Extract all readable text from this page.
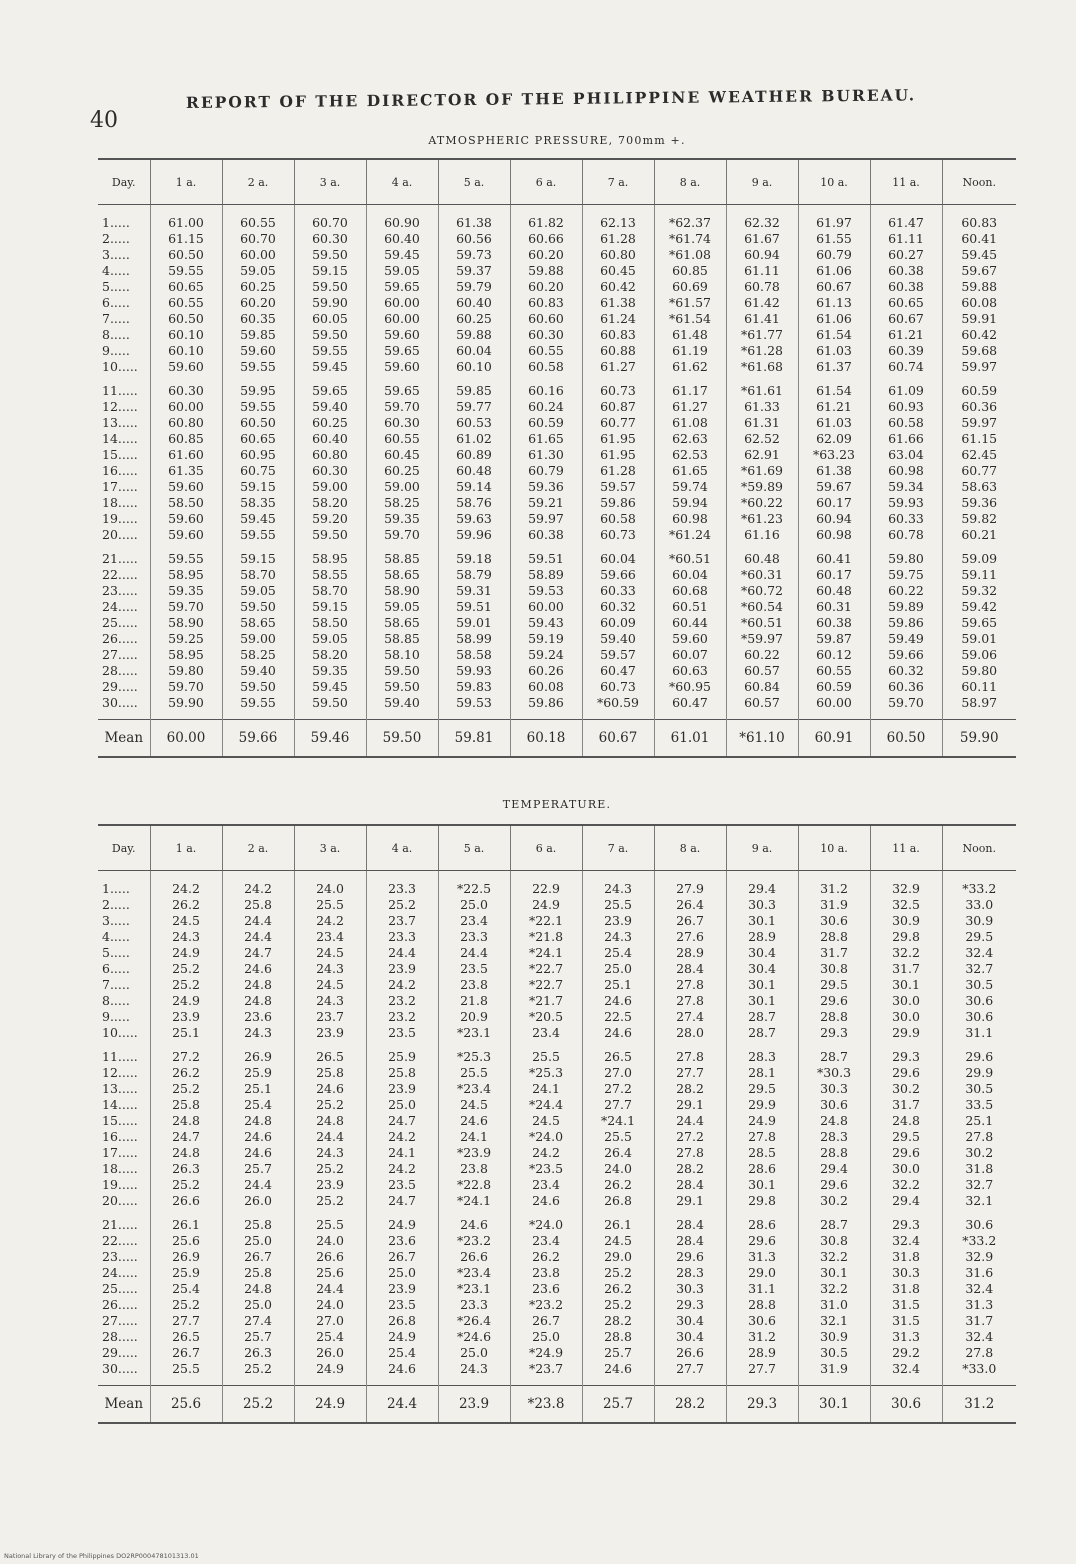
40
REPORT OF THE DIRECTOR OF THE PHILIPPINE WEATHER BUREAU.
ATMOSPHERIC PRESSURE, 700mm +.
Day.	1 a.	2 a.	3 a.	4 a.	5 a.	6 a.	7 a.	8 a.	9 a.	10 a.	11 a.	Noon.

1.....	61.00	60.55	60.70	60.90	61.38	61.82	62.13	*62.37	62.32	61.97	61.47	60.83
2.....	61.15	60.70	60.30	60.40	60.56	60.66	61.28	*61.74	61.67	61.55	61.11	60.41
3.....	60.50	60.00	59.50	59.45	59.73	60.20	60.80	*61.08	60.94	60.79	60.27	59.45
4.....	59.55	59.05	59.15	59.05	59.37	59.88	60.45	60.85	61.11	61.06	60.38	59.67
5.....	60.65	60.25	59.50	59.65	59.79	60.20	60.42	60.69	60.78	60.67	60.38	59.88
6.....	60.55	60.20	59.90	60.00	60.40	60.83	61.38	*61.57	61.42	61.13	60.65	60.08
7.....	60.50	60.35	60.05	60.00	60.25	60.60	61.24	*61.54	61.41	61.06	60.67	59.91
8.....	60.10	59.85	59.50	59.60	59.88	60.30	60.83	61.48	*61.77	61.54	61.21	60.42
9.....	60.10	59.60	59.55	59.65	60.04	60.55	60.88	61.19	*61.28	61.03	60.39	59.68
10.....	59.60	59.55	59.45	59.60	60.10	60.58	61.27	61.62	*61.68	61.37	60.74	59.97

11.....	60.30	59.95	59.65	59.65	59.85	60.16	60.73	61.17	*61.61	61.54	61.09	60.59
12.....	60.00	59.55	59.40	59.70	59.77	60.24	60.87	61.27	61.33	61.21	60.93	60.36
13.....	60.80	60.50	60.25	60.30	60.53	60.59	60.77	61.08	61.31	61.03	60.58	59.97
14.....	60.85	60.65	60.40	60.55	61.02	61.65	61.95	62.63	62.52	62.09	61.66	61.15
15.....	61.60	60.95	60.80	60.45	60.89	61.30	61.95	62.53	62.91	*63.23	63.04	62.45
16.....	61.35	60.75	60.30	60.25	60.48	60.79	61.28	61.65	*61.69	61.38	60.98	60.77
17.....	59.60	59.15	59.00	59.00	59.14	59.36	59.57	59.74	*59.89	59.67	59.34	58.63
18.....	58.50	58.35	58.20	58.25	58.76	59.21	59.86	59.94	*60.22	60.17	59.93	59.36
19.....	59.60	59.45	59.20	59.35	59.63	59.97	60.58	60.98	*61.23	60.94	60.33	59.82
20.....	59.60	59.55	59.50	59.70	59.96	60.38	60.73	*61.24	61.16	60.98	60.78	60.21

21.....	59.55	59.15	58.95	58.85	59.18	59.51	60.04	*60.51	60.48	60.41	59.80	59.09
22.....	58.95	58.70	58.55	58.65	58.79	58.89	59.66	60.04	*60.31	60.17	59.75	59.11
23.....	59.35	59.05	58.70	58.90	59.31	59.53	60.33	60.68	*60.72	60.48	60.22	59.32
24.....	59.70	59.50	59.15	59.05	59.51	60.00	60.32	60.51	*60.54	60.31	59.89	59.42
25.....	58.90	58.65	58.50	58.65	59.01	59.43	60.09	60.44	*60.51	60.38	59.86	59.65
26.....	59.25	59.00	59.05	58.85	58.99	59.19	59.40	59.60	*59.97	59.87	59.49	59.01
27.....	58.95	58.25	58.20	58.10	58.58	59.24	59.57	60.07	60.22	60.12	59.66	59.06
28.....	59.80	59.40	59.35	59.50	59.93	60.26	60.47	60.63	60.57	60.55	60.32	59.80
29.....	59.70	59.50	59.45	59.50	59.83	60.08	60.73	*60.95	60.84	60.59	60.36	60.11
30.....	59.90	59.55	59.50	59.40	59.53	59.86	*60.59	60.47	60.57	60.00	59.70	58.97

Mean	60.00	59.66	59.46	59.50	59.81	60.18	60.67	61.01	*61.10	60.91	60.50	59.90
TEMPERATURE.
Day.	1 a.	2 a.	3 a.	4 a.	5 a.	6 a.	7 a.	8 a.	9 a.	10 a.	11 a.	Noon.

1.....	24.2	24.2	24.0	23.3	*22.5	22.9	24.3	27.9	29.4	31.2	32.9	*33.2
2.....	26.2	25.8	25.5	25.2	25.0	24.9	25.5	26.4	30.3	31.9	32.5	33.0
3.....	24.5	24.4	24.2	23.7	23.4	*22.1	23.9	26.7	30.1	30.6	30.9	30.9
4.....	24.3	24.4	23.4	23.3	23.3	*21.8	24.3	27.6	28.9	28.8	29.8	29.5
5.....	24.9	24.7	24.5	24.4	24.4	*24.1	25.4	28.9	30.4	31.7	32.2	32.4
6.....	25.2	24.6	24.3	23.9	23.5	*22.7	25.0	28.4	30.4	30.8	31.7	32.7
7.....	25.2	24.8	24.5	24.2	23.8	*22.7	25.1	27.8	30.1	29.5	30.1	30.5
8.....	24.9	24.8	24.3	23.2	21.8	*21.7	24.6	27.8	30.1	29.6	30.0	30.6
9.....	23.9	23.6	23.7	23.2	20.9	*20.5	22.5	27.4	28.7	28.8	30.0	30.6
10.....	25.1	24.3	23.9	23.5	*23.1	23.4	24.6	28.0	28.7	29.3	29.9	31.1

11.....	27.2	26.9	26.5	25.9	*25.3	25.5	26.5	27.8	28.3	28.7	29.3	29.6
12.....	26.2	25.9	25.8	25.8	25.5	*25.3	27.0	27.7	28.1	*30.3	29.6	29.9
13.....	25.2	25.1	24.6	23.9	*23.4	24.1	27.2	28.2	29.5	30.3	30.2	30.5
14.....	25.8	25.4	25.2	25.0	24.5	*24.4	27.7	29.1	29.9	30.6	31.7	33.5
15.....	24.8	24.8	24.8	24.7	24.6	24.5	*24.1	24.4	24.9	24.8	24.8	25.1
16.....	24.7	24.6	24.4	24.2	24.1	*24.0	25.5	27.2	27.8	28.3	29.5	27.8
17.....	24.8	24.6	24.3	24.1	*23.9	24.2	26.4	27.8	28.5	28.8	29.6	30.2
18.....	26.3	25.7	25.2	24.2	23.8	*23.5	24.0	28.2	28.6	29.4	30.0	31.8
19.....	25.2	24.4	23.9	23.5	*22.8	23.4	26.2	28.4	30.1	29.6	32.2	32.7
20.....	26.6	26.0	25.2	24.7	*24.1	24.6	26.8	29.1	29.8	30.2	29.4	32.1

21.....	26.1	25.8	25.5	24.9	24.6	*24.0	26.1	28.4	28.6	28.7	29.3	30.6
22.....	25.6	25.0	24.0	23.6	*23.2	23.4	24.5	28.4	29.6	30.8	32.4	*33.2
23.....	26.9	26.7	26.6	26.7	26.6	26.2	29.0	29.6	31.3	32.2	31.8	32.9
24.....	25.9	25.8	25.6	25.0	*23.4	23.8	25.2	28.3	29.0	30.1	30.3	31.6
25.....	25.4	24.8	24.4	23.9	*23.1	23.6	26.2	30.3	31.1	32.2	31.8	32.4
26.....	25.2	25.0	24.0	23.5	23.3	*23.2	25.2	29.3	28.8	31.0	31.5	31.3
27.....	27.7	27.4	27.0	26.8	*26.4	26.7	28.2	30.4	30.6	32.1	31.5	31.7
28.....	26.5	25.7	25.4	24.9	*24.6	25.0	28.8	30.4	31.2	30.9	31.3	32.4
29.....	26.7	26.3	26.0	25.4	25.0	*24.9	25.7	26.6	28.9	30.5	29.2	27.8
30.....	25.5	25.2	24.9	24.6	24.3	*23.7	24.6	27.7	27.7	31.9	32.4	*33.0

Mean	25.6	25.2	24.9	24.4	23.9	*23.8	25.7	28.2	29.3	30.1	30.6	31.2
National Library of the Philippines DO2RP000478101313.01
